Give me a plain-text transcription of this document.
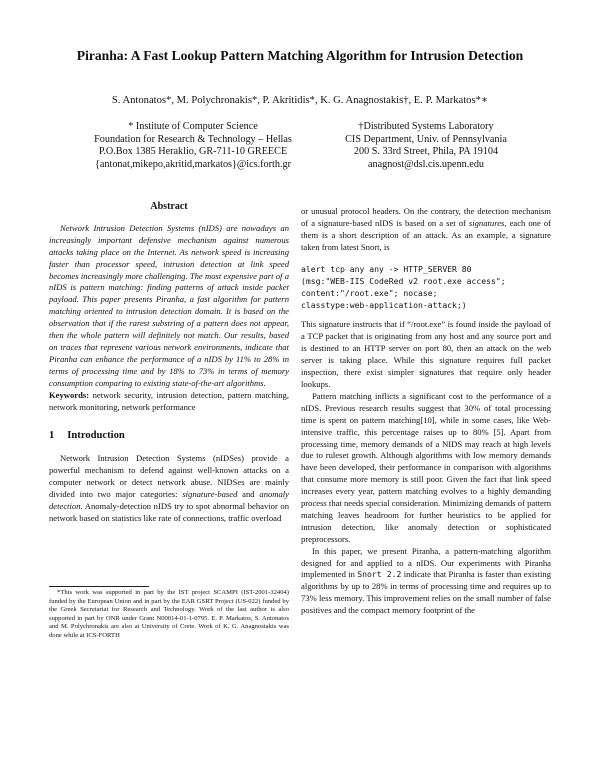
Piranha: A Fast Lookup Pattern Matching Algorithm for Intrusion Detection
S. Antonatos*, M. Polychronakis*, P. Akritidis*, K. G. Anagnostakis†, E. P. Markatos*∗
* Institute of Computer Science
Foundation for Research & Technology – Hellas
P.O.Box 1385 Heraklio, GR-711-10 GREECE
{antonat,mikepo,akritid,markatos}@ics.forth.gr
†Distributed Systems Laboratory
CIS Department, Univ. of Pennsylvania
200 S. 33rd Street, Phila, PA 19104
anagnost@dsl.cis.upenn.edu
Abstract

Network Intrusion Detection Systems (nIDS) are nowadays an increasingly important defensive mechanism against numerous attacks taking place on the Internet. As network speed is increasing faster than processor speed, intrusion detection at link speed becomes increasingly more challenging. The most expensive part of a nIDS is pattern matching: finding patterns of attack inside packet payload. This paper presents Piranha, a fast algorithm for pattern matching oriented to intrusion detection domain. It is based on the observation that if the rarest substring of a pattern does not appear, then the whole pattern will definitely not match. Our results, based on traces that represent various network environments, indicate that Piranha can enhance the performance of a nIDS by 11% to 28% in terms of processing time and by 18% to 73% in terms of memory consumption comparing to existing state-of-the-art algorithms.

Keywords: network security, intrusion detection, pattern matching, network monitoring, network performance

1 Introduction

Network Intrusion Detection Systems (nIDSes) provide a powerful mechanism to defend against well-known attacks on a computer network or detect network abuse. NIDSes are mainly divided into two major categories: signature-based and anomaly detection. Anomaly-detection nIDS try to spot abnormal behavior on network based on statistics like rate of connections, traffic overload

*This work was supported in part by the IST project SCAMPI (IST-2001-32404) funded by the European Union and in part by the EAR GSRT Project (US-022) funded by the Greek Secretariat for Research and Technology. Work of the last author is also supported in part by ONR under Grant N00014-01-1-0795. E. P. Markatos, S. Antonatos and M. Polychronakis are also at University of Crete. Work of K. G. Anagnostakis was done while at ICS-FORTH

or unusual protocol headers. On the contrary, the detection mechanism of a signature-based nIDS is based on a set of signatures, each one of them is a short description of an attack. As an example, a signature taken from latest Snort, is

alert tcp any any -> HTTP_SERVER 80
(msg:"WEB-IIS CodeRed v2 root.exe access";
content:"/root.exe"; nocase;
classtype:web-application-attack;)

This signature instructs that if “/root.exe” is found inside the payload of a TCP packet that is originating from any host and any source port and is destined to an HTTP server on port 80, then an attack on the web server is taking place. While this signature requires full packet inspection, there exist simpler signatures that require only header lookups.

Pattern matching inflicts a significant cost to the performance of a nIDS. Previous research results suggest that 30% of total processing time is spent on pattern matching[10], while in some cases, like Web-intensive traffic, this percentage raises up to 80% [5]. Apart from processing time, memory demands of a NIDS may reach at high levels due to ruleset growth. Although algorithms with low memory demands have been developed, their performance in comparison with algorithms that consume more memory is still poor. Given the fact that link speed increases every year, pattern matching evolves to a highly demanding process that needs special consideration. Minimizing demands of pattern matching leaves headroom for further heuristics to be applied for intrusion detection, like anomaly detection or sophisticated preprocessors.

In this paper, we present Piranha, a pattern-matching algorithm designed for and applied to a nIDS. Our experiments with Piranha implemented in Snort 2.2 indicate that Piranha is faster than existing algorithms by up to 28% in terms of processing time and requires up to 73% less memory. This improvement relies on the small number of false positives and the compact memory footprint of the
